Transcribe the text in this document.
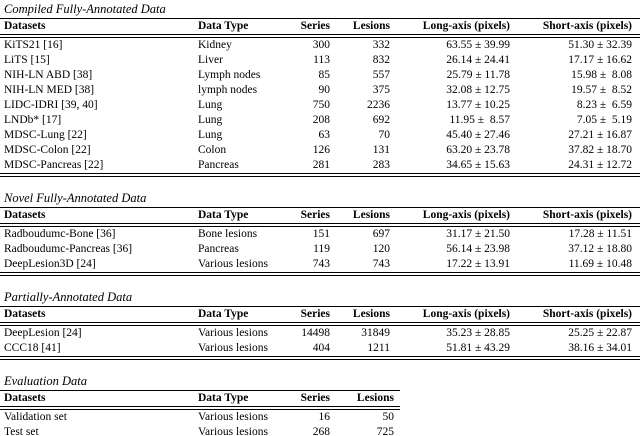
Compiled Fully-Annotated Data
Datasets	Data Type	Series	Lesions	Long-axis (pixels)	Short-axis (pixels)
KiTS21 [16]	Kidney	300	332	63.55 ± 39.99	51.30 ± 32.39
LiTS [15]	Liver	113	832	26.14 ± 24.41	17.17 ± 16.62
NIH-LN ABD [38]	Lymph nodes	85	557	25.79 ± 11.78	15.98 ±  8.08
NIH-LN MED [38]	lymph nodes	90	375	32.08 ± 12.75	19.57 ±  8.52
LIDC-IDRI [39, 40]	Lung	750	2236	13.77 ± 10.25	8.23 ±  6.59
LNDb* [17]	Lung	208	692	11.95 ±  8.57	7.05 ±  5.19
MDSC-Lung [22]	Lung	63	70	45.40 ± 27.46	27.21 ± 16.87
MDSC-Colon [22]	Colon	126	131	63.20 ± 23.78	37.82 ± 18.70
MDSC-Pancreas [22]	Pancreas	281	283	34.65 ± 15.63	24.31 ± 12.72
Novel Fully-Annotated Data
Datasets	Data Type	Series	Lesions	Long-axis (pixels)	Short-axis (pixels)
Radboudumc-Bone [36]	Bone lesions	151	697	31.17 ± 21.50	17.28 ± 11.51
Radboudumc-Pancreas [36]	Pancreas	119	120	56.14 ± 23.98	37.12 ± 18.80
DeepLesion3D [24]	Various lesions	743	743	17.22 ± 13.91	11.69 ± 10.48
Partially-Annotated Data
Datasets	Data Type	Series	Lesions	Long-axis (pixels)	Short-axis (pixels)
DeepLesion [24]	Various lesions	14498	31849	35.23 ± 28.85	25.25 ± 22.87
CCC18 [41]	Various lesions	404	1211	51.81 ± 43.29	38.16 ± 34.01
Evaluation Data
Datasets	Data Type	Series	Lesions
Validation set	Various lesions	16	50
Test set	Various lesions	268	725
